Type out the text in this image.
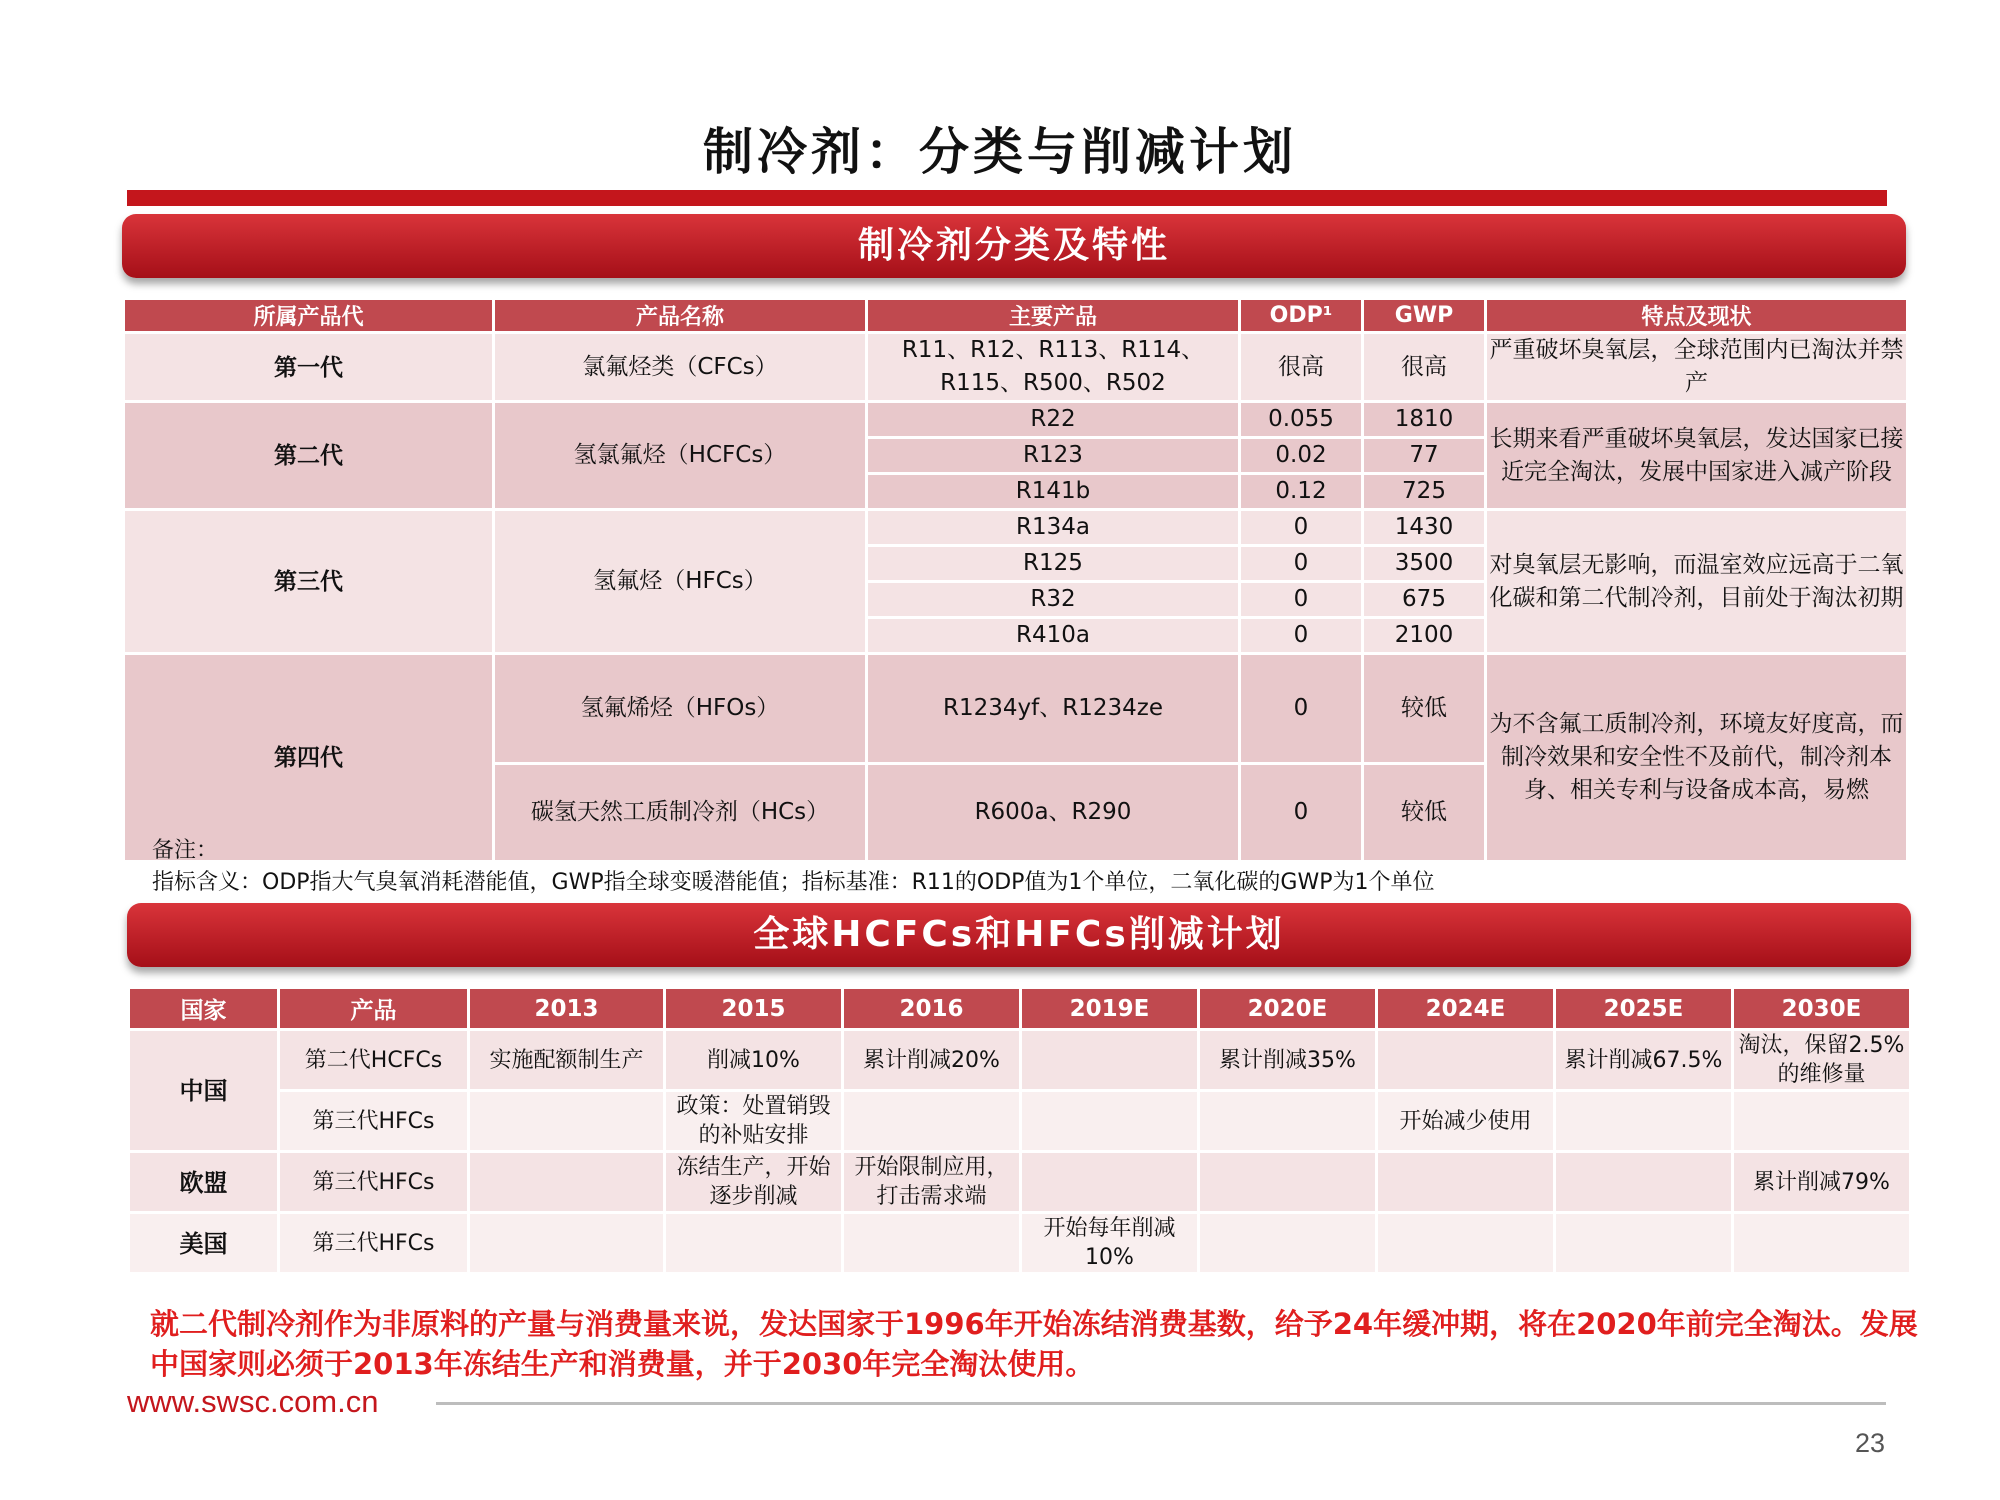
制冷剂：分类与削减计划
制冷剂分类及特性
所属产品代	产品名称	主要产品	ODP¹	GWP	特点及现状
第一代	氯氟烃类（CFCs）	R11、R12、R113、R114、R115、R500、R502	很高	很高	严重破坏臭氧层，全球范围内已淘汰并禁产
第二代	氢氯氟烃（HCFCs）	R22	0.055	1810	长期来看严重破坏臭氧层，发达国家已接近完全淘汰，发展中国家进入减产阶段
		R123	0.02	77	
		R141b	0.12	725	
第三代	氢氟烃（HFCs）	R134a	0	1430	对臭氧层无影响，而温室效应远高于二氧化碳和第二代制冷剂，目前处于淘汰初期
		R125	0	3500	
		R32	0	675	
		R410a	0	2100	
第四代	氢氟烯烃（HFOs）	R1234yf、R1234ze	0	较低	为不含氟工质制冷剂，环境友好度高，而制冷效果和安全性不及前代，制冷剂本身、相关专利与设备成本高，易燃
	碳氢天然工质制冷剂（HCs）	R600a、R290	0	较低	
备注：
指标含义：ODP指大气臭氧消耗潜能值，GWP指全球变暖潜能值；指标基准：R11的ODP值为1个单位，二氧化碳的GWP为1个单位
全球HCFCs和HFCs削减计划
国家	产品	2013	2015	2016	2019E	2020E	2024E	2025E	2030E
中国	第二代HCFCs	实施配额制生产	削减10%	累计削减20%		累计削减35%		累计削减67.5%	淘汰，保留2.5%的维修量
	第三代HFCs		政策：处置销毁的补贴安排				开始减少使用		
欧盟	第三代HFCs		冻结生产，开始逐步削减	开始限制应用，打击需求端					累计削减79%
美国	第三代HFCs				开始每年削减10%				
就二代制冷剂作为非原料的产量与消费量来说，发达国家于1996年开始冻结消费基数，给予24年缓冲期，将在2020年前完全淘汰。发展中国家则必须于2013年冻结生产和消费量，并于2030年完全淘汰使用。
www.swsc.com.cn
23
